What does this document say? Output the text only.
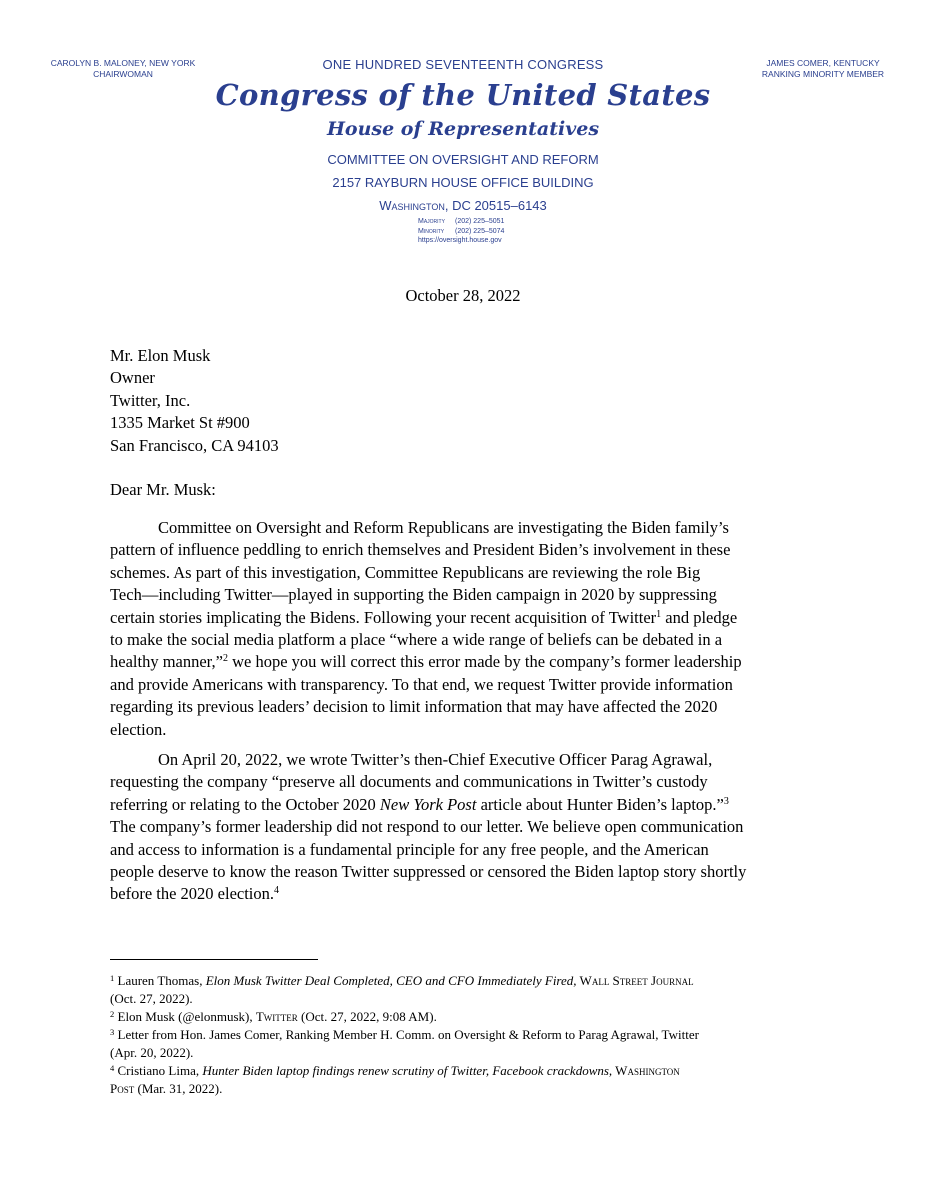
CAROLYN B. MALONEY, NEW YORK
CHAIRWOMAN
JAMES COMER, KENTUCKY
RANKING MINORITY MEMBER
ONE HUNDRED SEVENTEENTH CONGRESS
Congress of the United States
House of Representatives
COMMITTEE ON OVERSIGHT AND REFORM
2157 RAYBURN HOUSE OFFICE BUILDING
Washington, DC 20515–6143
Majority (202) 225–5051
Minority (202) 225–5074
https://oversight.house.gov
October 28, 2022
Mr. Elon Musk
Owner
Twitter, Inc.
1335 Market St #900
San Francisco, CA 94103
Dear Mr. Musk:
Committee on Oversight and Reform Republicans are investigating the Biden family’s
pattern of influence peddling to enrich themselves and President Biden’s involvement in these
schemes. As part of this investigation, Committee Republicans are reviewing the role Big
Tech—including Twitter—played in supporting the Biden campaign in 2020 by suppressing
certain stories implicating the Bidens. Following your recent acquisition of Twitter$^1$ and pledge
to make the social media platform a place “where a wide range of beliefs can be debated in a
healthy manner,”$^2$ we hope you will correct this error made by the company’s former leadership
and provide Americans with transparency. To that end, we request Twitter provide information
regarding its previous leaders’ decision to limit information that may have affected the 2020
election.
On April 20, 2022, we wrote Twitter’s then-Chief Executive Officer Parag Agrawal,
requesting the company “preserve all documents and communications in Twitter’s custody
referring or relating to the October 2020 New York Post article about Hunter Biden’s laptop.”$^3$
The company’s former leadership did not respond to our letter. We believe open communication
and access to information is a fundamental principle for any free people, and the American
people deserve to know the reason Twitter suppressed or censored the Biden laptop story shortly
before the 2020 election.$^4$
$^1$ Lauren Thomas, Elon Musk Twitter Deal Completed, CEO and CFO Immediately Fired, Wall Street Journal
(Oct. 27, 2022).
$^2$ Elon Musk (@elonmusk), Twitter (Oct. 27, 2022, 9:08 AM).
$^3$ Letter from Hon. James Comer, Ranking Member H. Comm. on Oversight & Reform to Parag Agrawal, Twitter
(Apr. 20, 2022).
$^4$ Cristiano Lima, Hunter Biden laptop findings renew scrutiny of Twitter, Facebook crackdowns, Washington
Post (Mar. 31, 2022).
